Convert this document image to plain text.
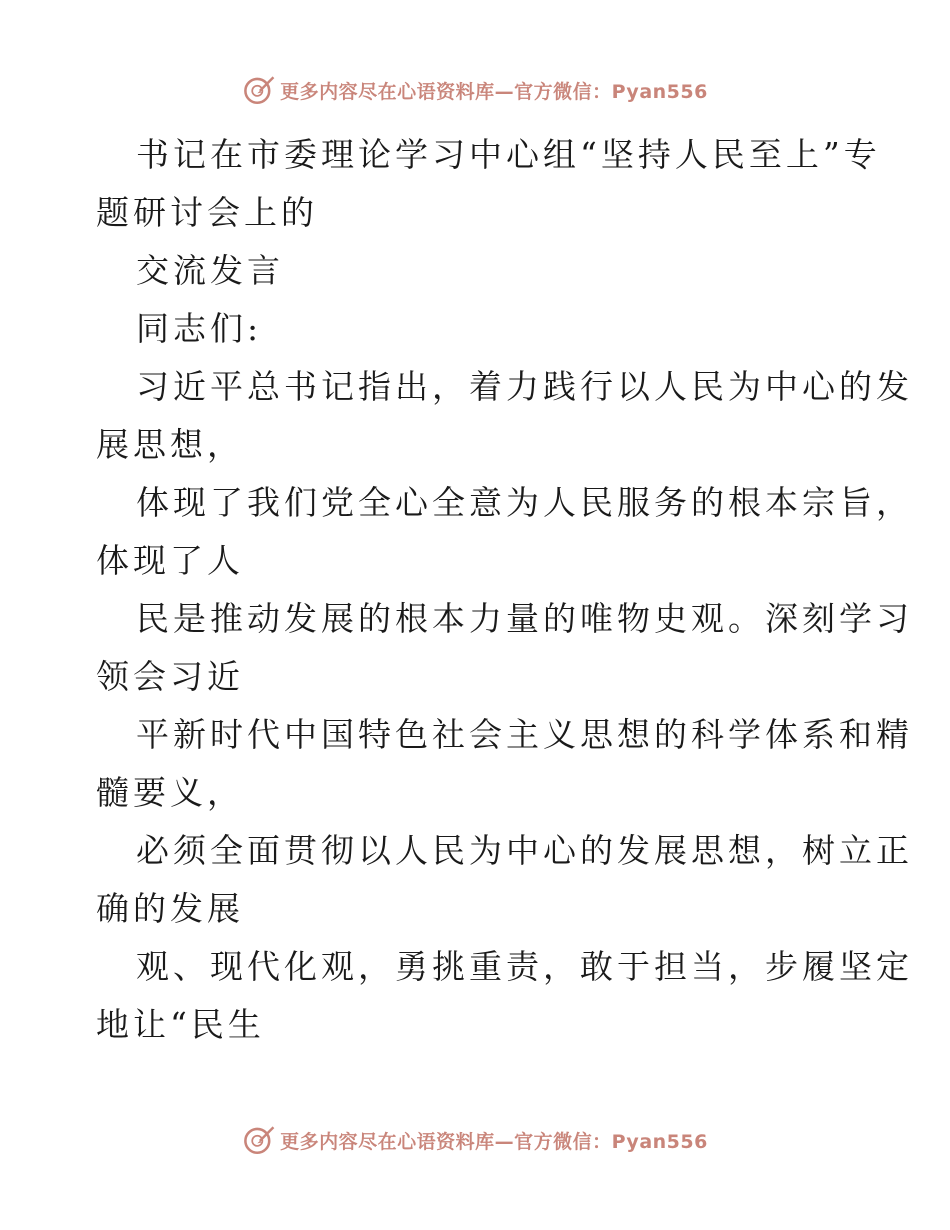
更多内容尽在心语资料库—官方微信：Pyan556

书记在市委理论学习中心组“坚持人民至上”专

题研讨会上的

交流发言

同志们:

习近平总书记指出，着力践行以人民为中心的发

展思想，

体现了我们党全心全意为人民服务的根本宗旨，

体现了人

民是推动发展的根本力量的唯物史观。深刻学习

领会习近

平新时代中国特色社会主义思想的科学体系和精

髓要义，

必须全面贯彻以人民为中心的发展思想，树立正

确的发展

观、现代化观，勇挑重责，敢于担当，步履坚定

地让“民生

更多内容尽在心语资料库—官方微信：Pyan556
